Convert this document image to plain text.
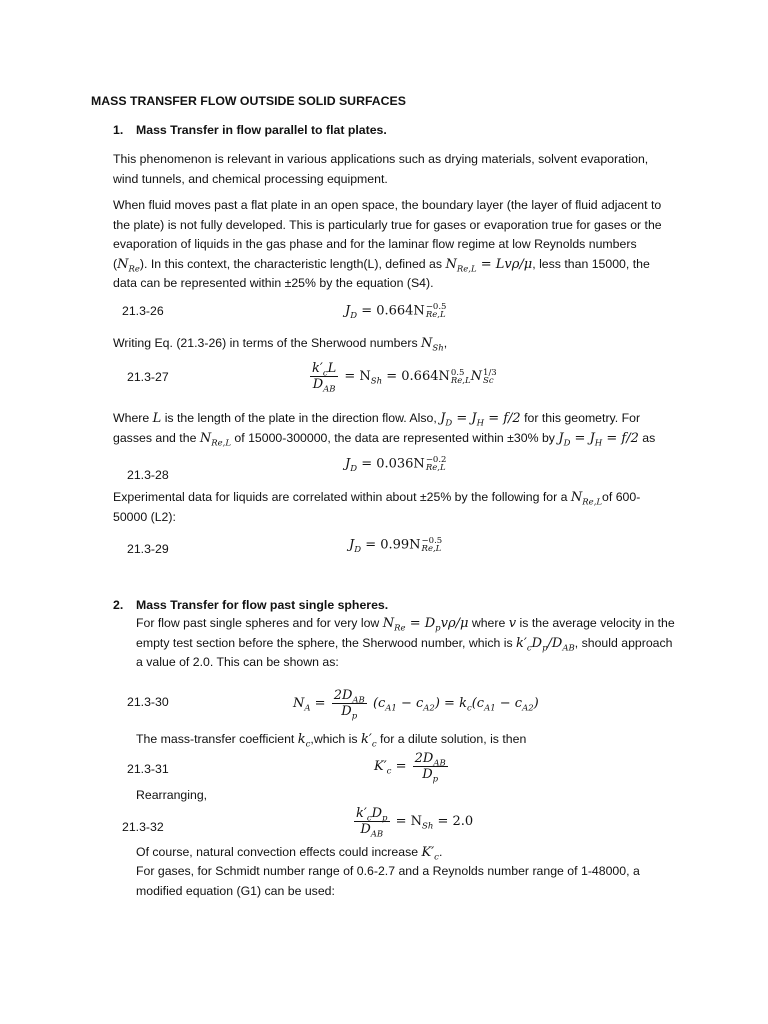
MASS TRANSFER FLOW OUTSIDE SOLID SURFACES
1. Mass Transfer in flow parallel to flat plates.

This phenomenon is relevant in various applications such as drying materials, solvent evaporation, wind tunnels, and chemical processing equipment.

When fluid moves past a flat plate in an open space, the boundary layer (the layer of fluid adjacent to the plate) is not fully developed. This is particularly true for gases or evaporation true for gases or the evaporation of liquids in the gas phase and for the laminar flow regime at low Reynolds numbers $(N_{Re})$. In this context, the characteristic length(L), defined as $N_{Re,L} = Lv\rho/\mu$, less than 15000, the data can be represented within ±25% by the equation (S4).

21.3-26	$J_D = 0.664N -0.5$
Re,L

Writing Eq. (21.3-26) in terms of the Sherwood numbers $N_{Sh}$,

21.3-27	$\frac{k'_cL}{D_{AB}} = N_{Sh} = 0.664N$ 0.5
Re,L N 1/3
Sc

Where L is the length of the plate in the direction flow. Also, $J_D = J_H = f/2$ for this geometry. For gasses and the $N_{Re,L}$ of 15000-300000, the data are represented within ±30% by $J_D = J_H = f/2$ as

21.3-28
$J_D = 0.036N -0.2$
Re,L

Experimental data for liquids are correlated within about ±25% by the following for a $N_{Re,L}of$ 600-50000 (L2):

21.3-29	$J_D = 0.99N -0.5$
Re,L
2. Mass Transfer for flow past single spheres.

For flow past single spheres and for very low $N_{Re} = D_pv\rho/\mu$ where v is the average velocity in the empty test section before the sphere, the Sherwood number, which is $k'_cD_p/D_{AB}$, should approach a value of 2.0. This can be shown as:

21.3-30	$N_A = \frac{2D_{AB}}{D_p} (c_{A1} - c_{A2}) = k_c(c_{A1} - c_{A2})$

The mass-transfer coefficient $k_c,which$ is $k'_c$ for a dilute solution, is then

21.3-31	$K'_c = \frac{2D_{AB}}{D_p}$

Rearranging,

21.3-32	$\frac{k'_cD_p}{D_{AB}} = N_{Sh} = 2.0$

Of course, natural convection effects could increase $K'_c$.

For gases, for Schmidt number range of 0.6-2.7 and a Reynolds number range of 1-48000, a modified equation (G1) can be used:
